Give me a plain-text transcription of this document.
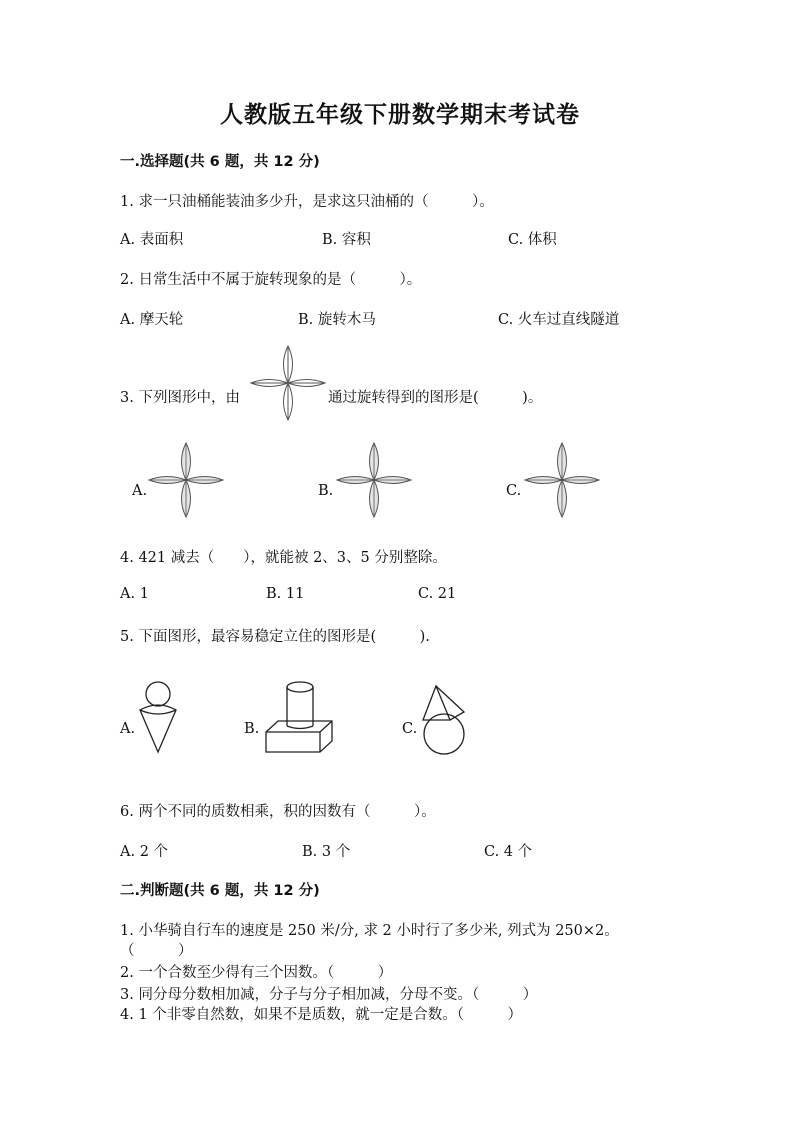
人教版五年级下册数学期末考试卷
一.选择题(共 6 题，共 12 分)
1. 求一只油桶能装油多少升，是求这只油桶的（　　　）。
A. 表面积	B. 容积	C. 体积
2. 日常生活中不属于旋转现象的是（　　　）。
A. 摩天轮	B. 旋转木马	C. 火车过直线隧道
3. 下列图形中，由	通过旋转得到的图形是(　　　)。
A.	B.	C.
4. 421 减去（　　），就能被 2、3、5 分别整除。
A. 1	B. 11	C. 21
5. 下面图形，最容易稳定立住的图形是(　　　).
A.	B.	C.
6. 两个不同的质数相乘，积的因数有（　　　）。
A. 2 个	B. 3 个	C. 4 个
二.判断题(共 6 题，共 12 分)
1. 小华骑自行车的速度是 250 米/分, 求 2 小时行了多少米, 列式为 250×2。
（　　　）
2. 一个合数至少得有三个因数。（　　　）
3. 同分母分数相加减，分子与分子相加减，分母不变。（　　　）
4. 1 个非零自然数，如果不是质数，就一定是合数。（　　　）
